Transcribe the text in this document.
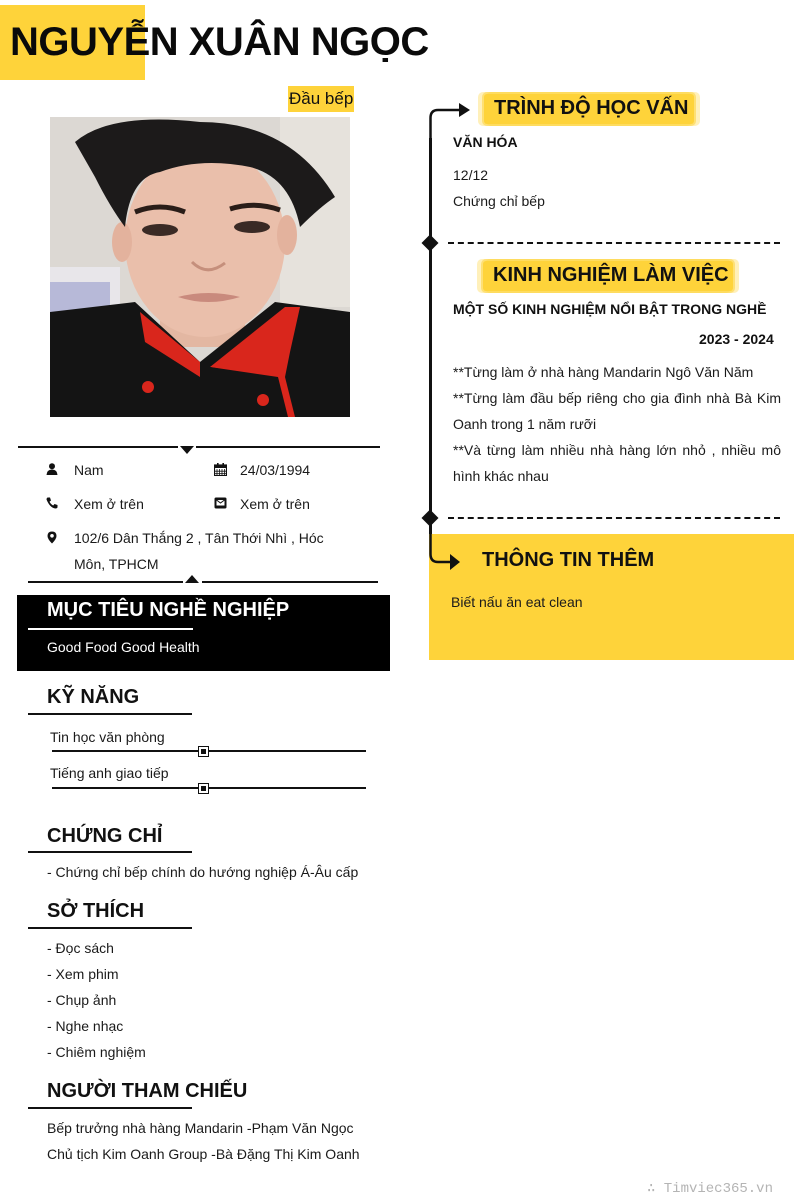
NGUYỄN XUÂN NGỌC
Đầu bếp
Nam	24/03/1994
Xem ở trên	Xem ở trên
102/6 Dân Thắng 2 , Tân Thới Nhì , Hóc
Môn, TPHCM
MỤC TIÊU NGHỀ NGHIỆP
Good Food Good Health
KỸ NĂNG
Tin học văn phòng
Tiếng anh giao tiếp
CHỨNG CHỈ
- Chứng chỉ bếp chính do hướng nghiệp Á-Âu cấp
SỞ THÍCH
- Đọc sách
- Xem phim
- Chụp ảnh
- Nghe nhạc
- Chiêm nghiệm
NGƯỜI THAM CHIẾU
Bếp trưởng nhà hàng Mandarin -Phạm Văn Ngọc
Chủ tịch Kim Oanh Group -Bà Đặng Thị Kim Oanh
TRÌNH ĐỘ HỌC VẤN
VĂN HÓA
12/12
Chứng chỉ bếp
KINH NGHIỆM LÀM VIỆC
MỘT SỐ KINH NGHIỆM NỔI BẬT TRONG NGHỀ
2023 - 2024
**Từng làm ở nhà hàng Mandarin Ngô Văn Năm
**Từng làm đầu bếp riêng cho gia đình nhà Bà Kim Oanh trong 1 năm rưỡi
**Và từng làm nhiều nhà hàng lớn nhỏ , nhiều mô hình khác nhau
THÔNG TIN THÊM
Biết nấu ăn eat clean
∴ Timviec365.vn
